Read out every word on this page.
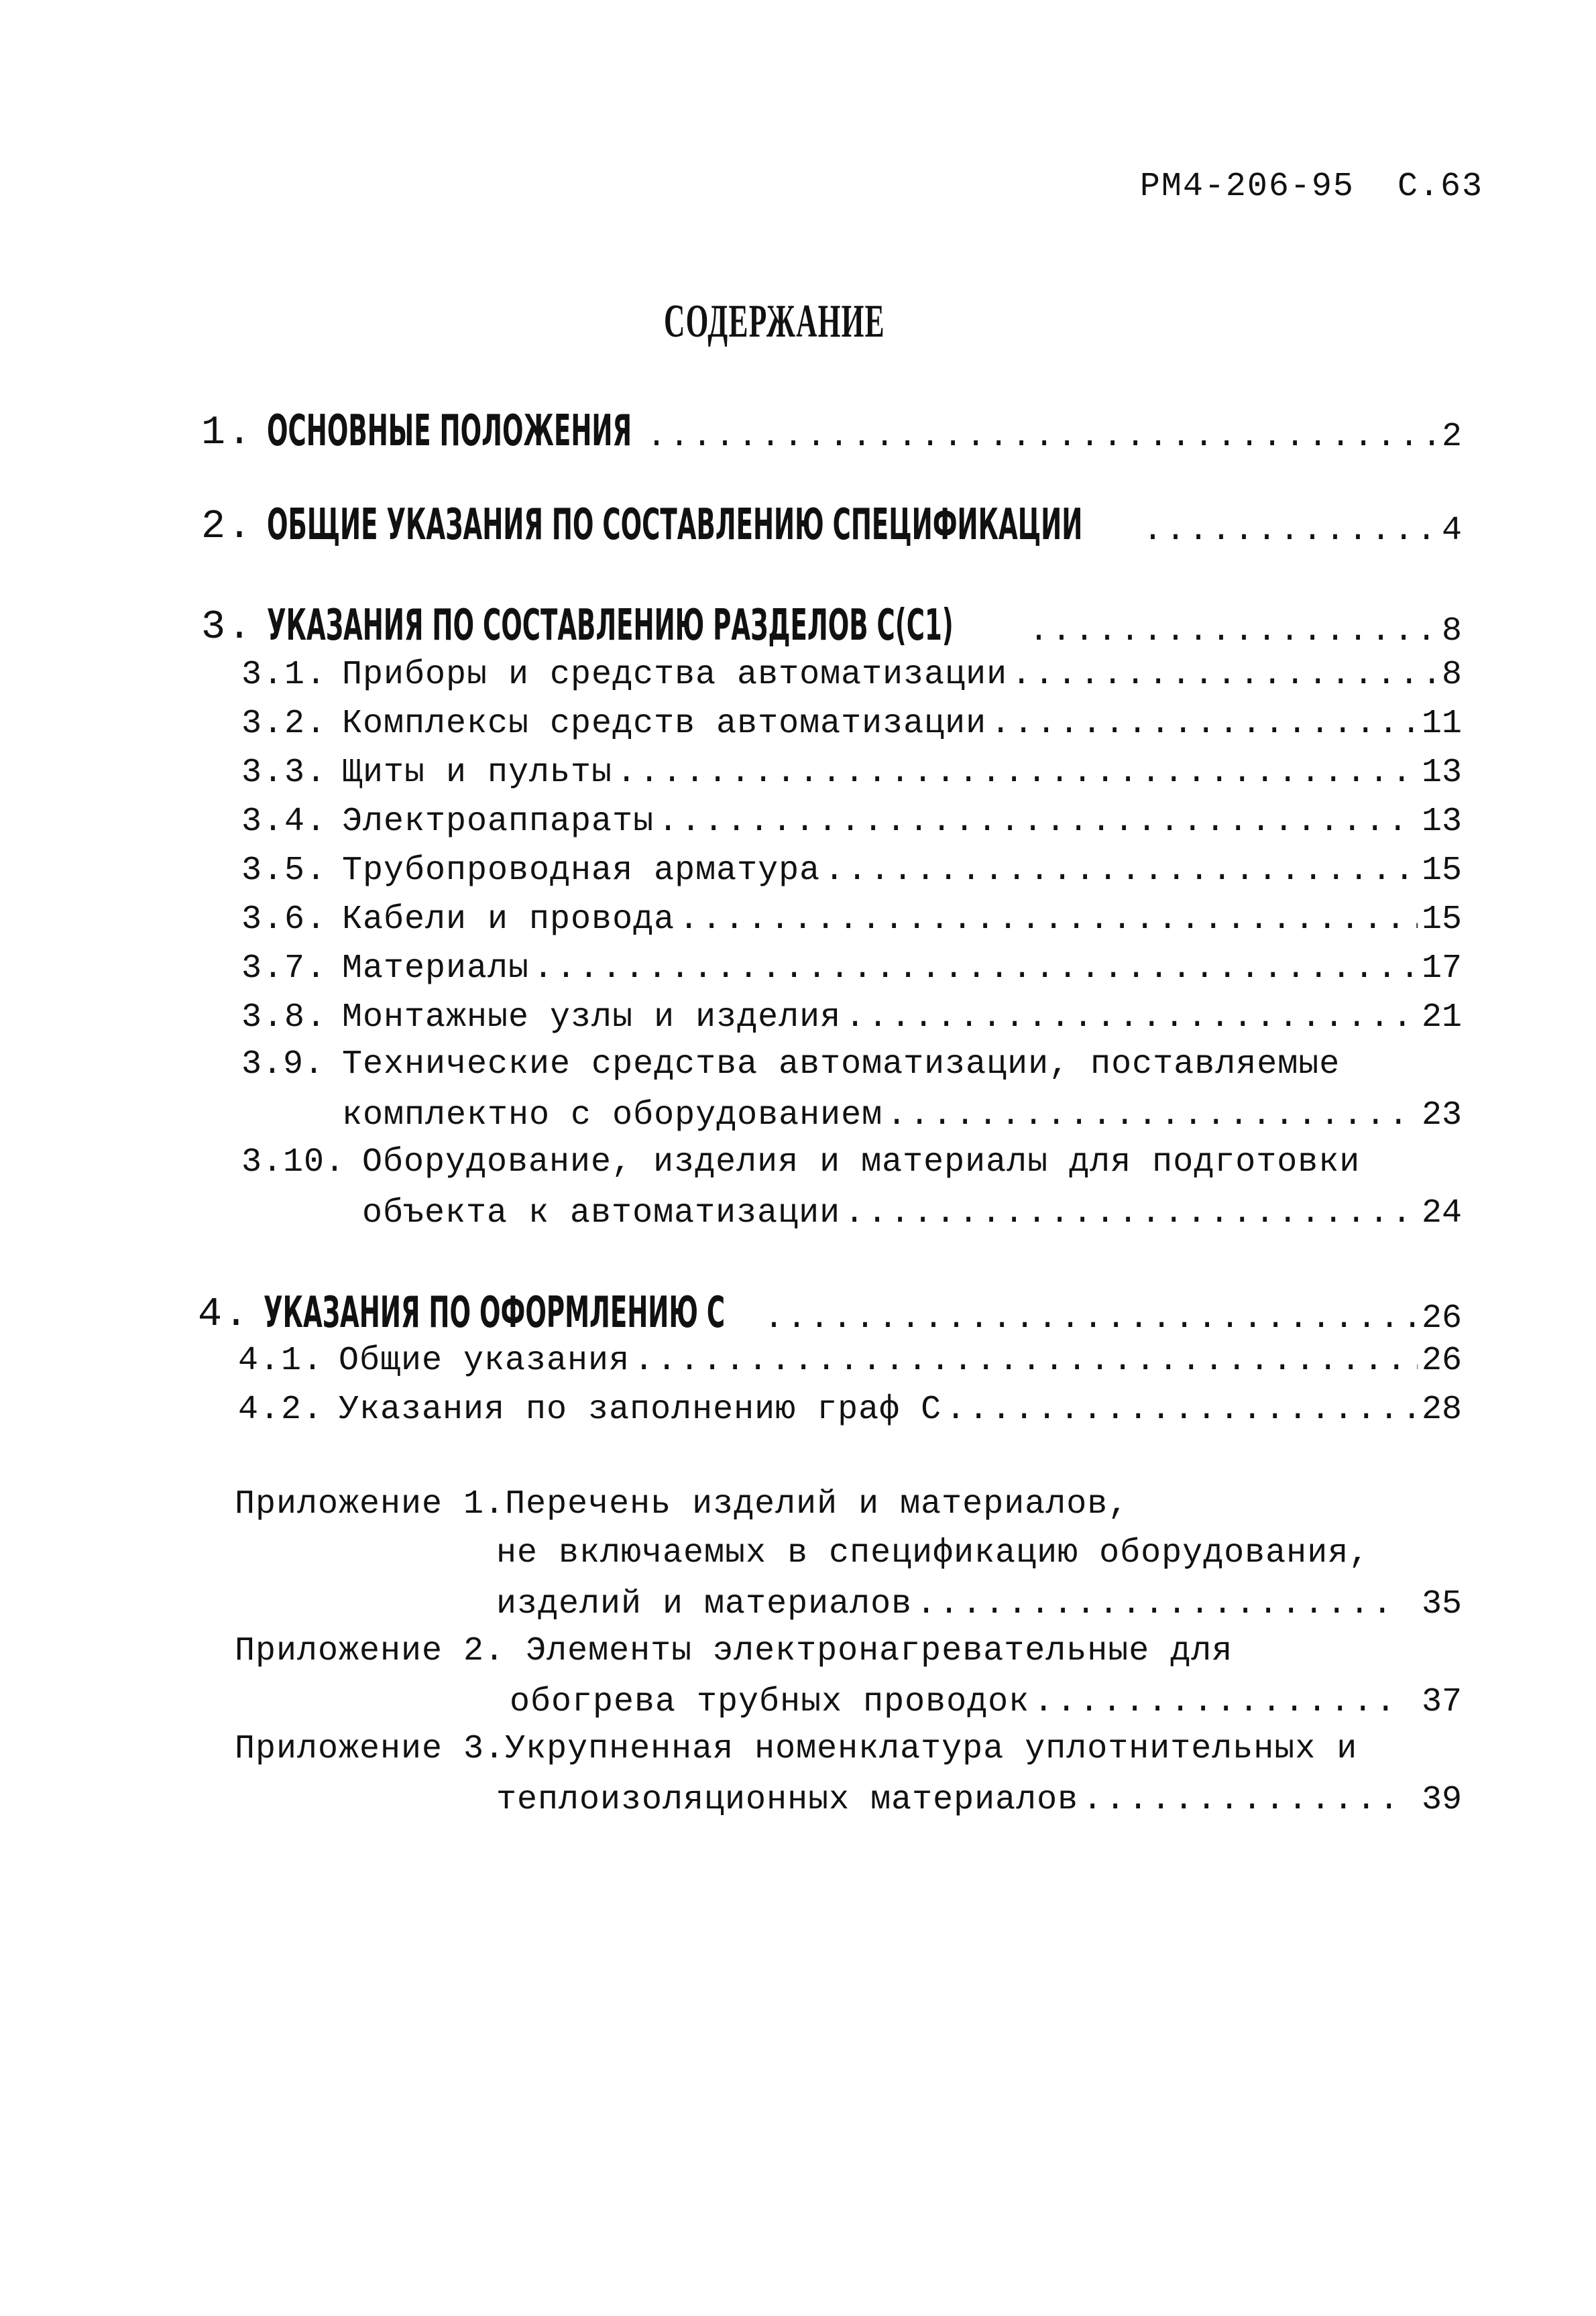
РМ4-206-95 С.63
СОДЕРЖАНИЕ
1. ОСНОВНЫЕ ПОЛОЖЕНИЯ .....	2
2. ОБЩИЕ УКАЗАНИЯ ПО СОСТАВЛЕНИЮ СПЕЦИФИКАЦИИ .....	4
3. УКАЗАНИЯ ПО СОСТАВЛЕНИЮ РАЗДЕЛОВ С(С1) .....	8
3.1. Приборы и средства автоматизации .....	8
3.2. Комплексы средств автоматизации .....	11
3.3. Щиты и пульты .....	13
3.4. Электроаппараты .....	13
3.5. Трубопроводная арматура .....	15
3.6. Кабели и провода .....	15
3.7. Материалы .....	17
3.8. Монтажные узлы и изделия .....	21
3.9. Технические средства автоматизации, поставляемые
комплектно с оборудованием .....	23
3.10. Оборудование, изделия и материалы для подготовки
объекта к автоматизации .....	24
4. УКАЗАНИЯ ПО ОФОРМЛЕНИЮ С .....	26
4.1. Общие указания .....	26
4.2. Указания по заполнению граф С .....	28
Приложение 1.Перечень изделий и материалов,
не включаемых в спецификацию оборудования,
изделий и материалов .....	35
Приложение 2. Элементы электронагревательные для
обогрева трубных проводок .....	37
Приложение 3.Укрупненная номенклатура уплотнительных и
теплоизоляционных материалов .....	39
